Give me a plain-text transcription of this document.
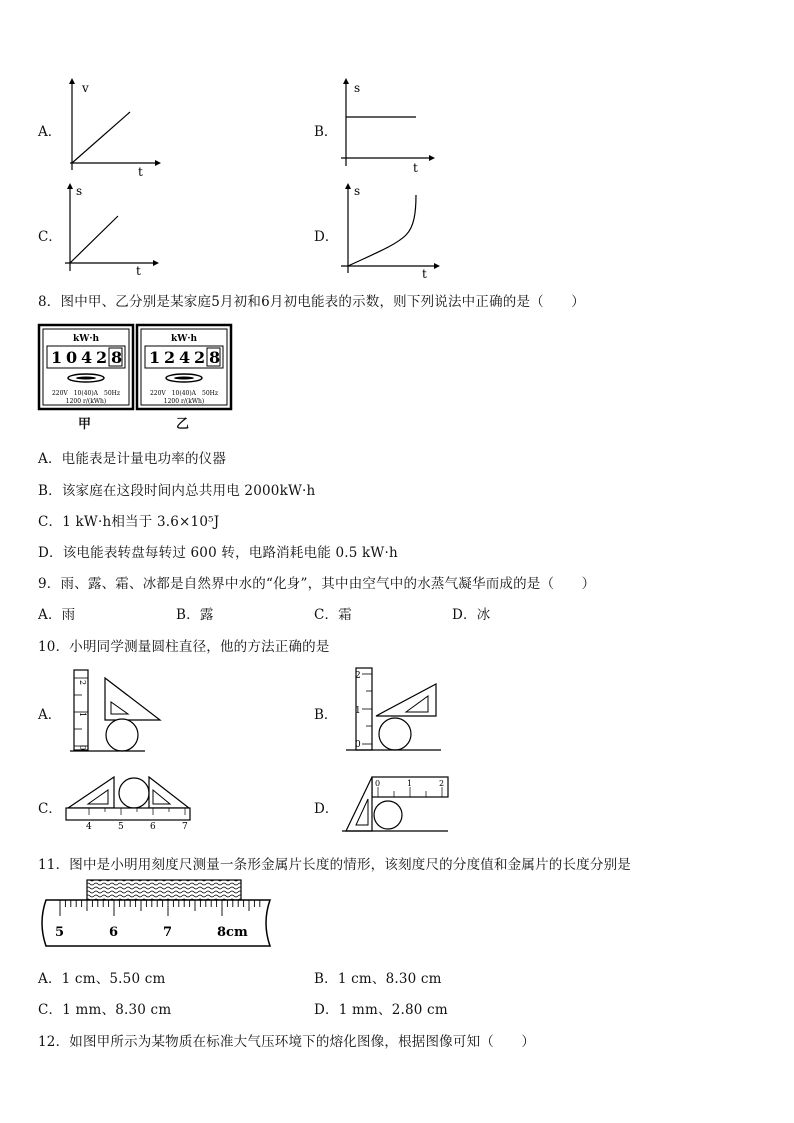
A．
v
t
B．
s
t
C．
s
t
D．
s
t
8．图中甲、乙分别是某家庭5月初和6月初电能表的示数，则下列说法中正确的是（　　）
kW·h
1 0 4 2 8
220V　10(40)A　50Hz
1200 r/(kWh)
甲
kW·h
1 2 4 2 8
220V　10(40)A　50Hz
1200 r/(kWh)
乙
A．电能表是计量电功率的仪器
B．该家庭在这段时间内总共用电 2000kW·h
C．1 kW·h相当于 3.6×10⁵J
D．该电能表转盘每转过 600 转，电路消耗电能 0.5 kW·h
9．雨、露、霜、冰都是自然界中水的“化身”，其中由空气中的水蒸气凝华而成的是（　　）
A．雨	B．露	C．霜	D．冰
10．小明同学测量圆柱直径，他的方法正确的是
A．
2
1
0
B．
2
1
0
C．
4	5	6	7
D．
0	1	2
11．图中是小明用刻度尺测量一条形金属片长度的情形，该刻度尺的分度值和金属片的长度分别是
5	6	7	8cm
A．1 cm、5.50 cm	B．1 cm、8.30 cm
C．1 mm、8.30 cm	D．1 mm、2.80 cm
12．如图甲所示为某物质在标准大气压环境下的熔化图像，根据图像可知（　　）
